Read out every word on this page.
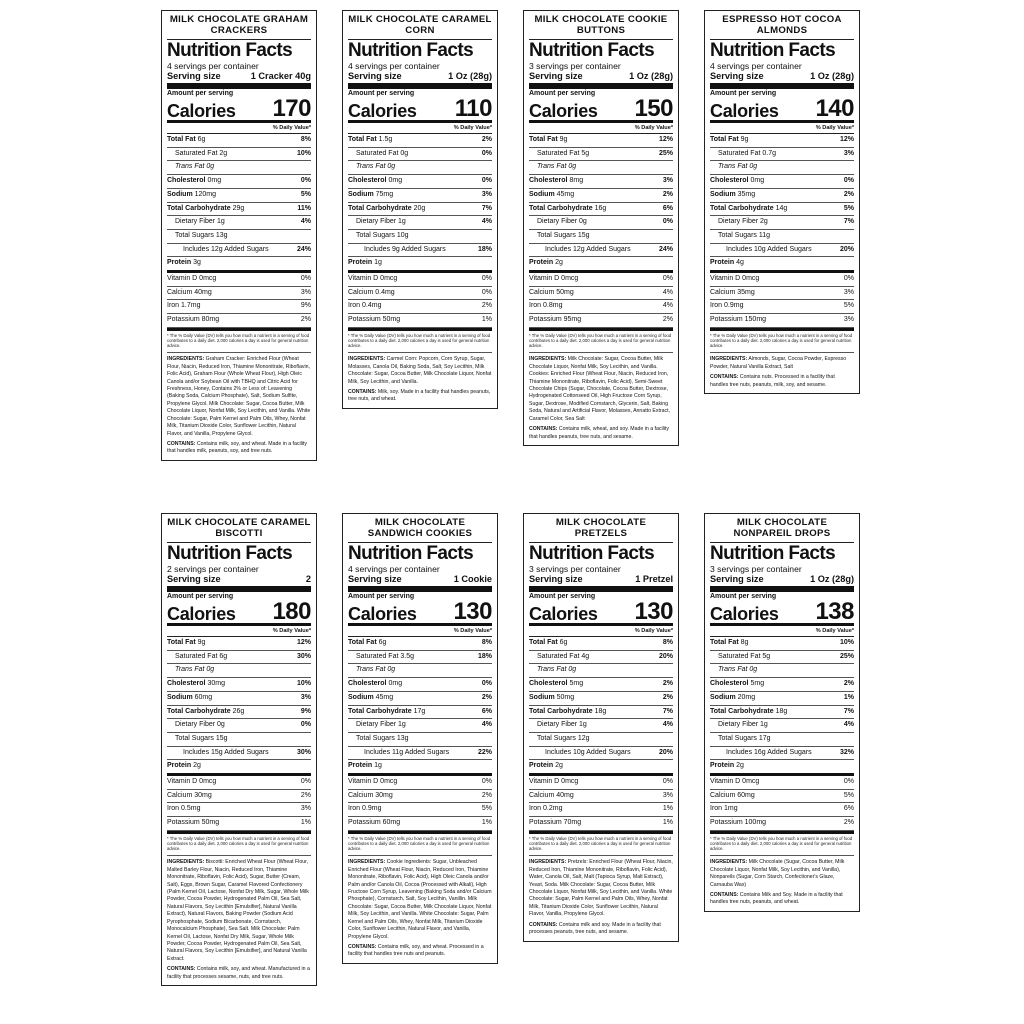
MILK CHOCOLATE GRAHAM CRACKERS
Nutrition Facts
4 servings per container
Serving size	1 Cracker 40g
Amount per serving
Calories 170
% Daily Value*
Total Fat 6g	8%
Saturated Fat 2g	10%
Trans Fat 0g
Cholesterol 0mg	0%
Sodium 120mg	5%
Total Carbohydrate 29g	11%
Dietary Fiber 1g	4%
Total Sugars 13g
Includes 12g Added Sugars	24%
Protein 3g
Vitamin D 0mcg	0%
Calcium 40mg	3%
Iron 1.7mg	9%
Potassium 80mg	2%
* The % Daily Value (DV) tells you how much a nutrient in a serving of food contributes to a daily diet. 2,000 calories a day is used for general nutrition advice.
INGREDIENTS: Graham Cracker: Enriched Flour (Wheat Flour, Niacin, Reduced Iron, Thiamine Mononitrate, Riboflavin, Folic Acid), Graham Flour (Whole Wheat Flour), High Oleic Canola and/or Soybean Oil with TBHQ and Citric Acid for Freshness, Honey, Contains 2% or Less of: Leavening (Baking Soda, Calcium Phosphate), Salt, Sodium Sulfite, Propylene Glycol. Milk Chocolate: Sugar, Cocoa Butter, Milk Chocolate Liquor, Nonfat Milk, Soy Lecithin, and Vanilla. White Chocolate: Sugar, Palm Kernel and Palm Oils, Whey, Nonfat Milk, Titanium Dioxide Color, Sunflower Lecithin, Natural Flavor, and Vanilla, Propylene Glycol.
CONTAINS: Contains milk, soy, and wheat. Made in a facility that handles milk, peanuts, soy, and tree nuts.
MILK CHOCOLATE CARAMEL CORN
Nutrition Facts
4 servings per container
Serving size	1 Oz (28g)
Amount per serving
Calories 110
% Daily Value*
Total Fat 1.5g	2%
Saturated Fat 0g	0%
Trans Fat 0g
Cholesterol 0mg	0%
Sodium 75mg	3%
Total Carbohydrate 20g	7%
Dietary Fiber 1g	4%
Total Sugars 10g
Includes 9g Added Sugars	18%
Protein 1g
Vitamin D 0mcg	0%
Calcium 0.4mg	0%
Iron 0.4mg	2%
Potassium 50mg	1%
* The % Daily Value (DV) tells you how much a nutrient in a serving of food contributes to a daily diet. 2,000 calories a day is used for general nutrition advice.
INGREDIENTS: Carmel Corn: Popcorn, Corn Syrup, Sugar, Molasses, Canola Oil, Baking Soda, Salt, Soy Lecithin, Milk Chocolate: Sugar, Cocoa Butter, Milk Chocolate Liquor, Nonfat Milk, Soy Lecithin, and Vanilla.
CONTAINS: Milk, soy. Made in a facility that handles peanuts, tree nuts, and wheat.
MILK CHOCOLATE COOKIE BUTTONS
Nutrition Facts
3 servings per container
Serving size	1 Oz (28g)
Amount per serving
Calories 150
% Daily Value*
Total Fat 9g	12%
Saturated Fat 5g	25%
Trans Fat 0g
Cholesterol 8mg	3%
Sodium 45mg	2%
Total Carbohydrate 16g	6%
Dietary Fiber 0g	0%
Total Sugars 15g
Includes 12g Added Sugars	24%
Protein 2g
Vitamin D 0mcg	0%
Calcium 50mg	4%
Iron 0.8mg	4%
Potassium 95mg	2%
* The % Daily Value (DV) tells you how much a nutrient in a serving of food contributes to a daily diet. 2,000 calories a day is used for general nutrition advice.
INGREDIENTS: Milk Chocolate: Sugar, Cocoa Butter, Milk Chocolate Liquor, Nonfat Milk, Soy Lecithin, and Vanilla. Cookies: Enriched Flour (Wheat Flour, Niacin, Reduced Iron, Thiamine Mononitrate, Riboflavin, Folic Acid), Semi-Sweet Chocolate Chips (Sugar, Chocolate, Cocoa Butter, Dextrose, Hydrogenated Cottonseed Oil, High Fructose Corn Syrup, Sugar, Dextrose, Modified Cornstarch, Glycerin, Salt, Baking Soda, Natural and Artificial Flavor, Molasses, Annatto Extract, Caramel Color, Sea Salt
CONTAINS: Contains milk, wheat, and soy. Made in a facility that handles peanuts, tree nuts, and sesame.
ESPRESSO HOT COCOA ALMONDS
Nutrition Facts
4 servings per container
Serving size	1 Oz (28g)
Amount per serving
Calories 140
% Daily Value*
Total Fat 9g	12%
Saturated Fat 0.7g	3%
Trans Fat 0g
Cholesterol 0mg	0%
Sodium 35mg	2%
Total Carbohydrate 14g	5%
Dietary Fiber 2g	7%
Total Sugars 11g
Includes 10g Added Sugars	20%
Protein 4g
Vitamin D 0mcg	0%
Calcium 35mg	3%
Iron 0.9mg	5%
Potassium 150mg	3%
* The % Daily Value (DV) tells you how much a nutrient in a serving of food contributes to a daily diet. 2,000 calories a day is used for general nutrition advice.
INGREDIENTS: Almonds, Sugar, Cocoa Powder, Espresso Powder, Natural Vanilla Extract, Salt
CONTAINS: Contains nuts. Processed in a facility that handles tree nuts, peanuts, milk, soy, and sesame.
MILK CHOCOLATE CARAMEL BISCOTTI
Nutrition Facts
2 servings per container
Serving size	2
Amount per serving
Calories 180
% Daily Value*
Total Fat 9g	12%
Saturated Fat 6g	30%
Trans Fat 0g
Cholesterol 30mg	10%
Sodium 60mg	3%
Total Carbohydrate 26g	9%
Dietary Fiber 0g	0%
Total Sugars 15g
Includes 15g Added Sugars	30%
Protein 2g
Vitamin D 0mcg	0%
Calcium 30mg	2%
Iron 0.5mg	3%
Potassium 50mg	1%
* The % Daily Value (DV) tells you how much a nutrient in a serving of food contributes to a daily diet. 2,000 calories a day is used for general nutrition advice.
INGREDIENTS: Biscotti: Enriched Wheat Flour (Wheat Flour, Malted Barley Flour, Niacin, Reduced Iron, Thiamine Mononitrate, Riboflavin, Folic Acid), Sugar, Butter (Cream, Salt), Eggs, Brown Sugar, Caramel Flavored Confectionery (Palm Kernel Oil, Lactose, Nonfat Dry Milk, Sugar, Whole Milk Powder, Cocoa Powder, Hydrogenated Palm Oil, Sea Salt, Natural Flavors, Soy Lecithin [Emulsifier], Natural Vanilla Extract), Natural Flavors, Baking Powder (Sodium Acid Pyrophosphate, Sodium Bicarbonate, Cornstarch, Monocalcium Phosphate), Sea Salt. Milk Chocolate: Palm Kernel Oil, Lactose, Nonfat Dry Milk, Sugar, Whole Milk Powder, Cocoa Powder, Hydrogenated Palm Oil, Sea Salt, Natural Flavors, Soy Lecithin [Emulsifier], and Natural Vanilla Extract.
CONTAINS: Contains milk, soy, and wheat. Manufactured in a facility that processes sesame, nuts, and tree nuts.
MILK CHOCOLATE SANDWICH COOKIES
Nutrition Facts
4 servings per container
Serving size	1 Cookie
Amount per serving
Calories 130
% Daily Value*
Total Fat 6g	8%
Saturated Fat 3.5g	18%
Trans Fat 0g
Cholesterol 0mg	0%
Sodium 45mg	2%
Total Carbohydrate 17g	6%
Dietary Fiber 1g	4%
Total Sugars 13g
Includes 11g Added Sugars	22%
Protein 1g
Vitamin D 0mcg	0%
Calcium 30mg	2%
Iron 0.9mg	5%
Potassium 60mg	1%
* The % Daily Value (DV) tells you how much a nutrient in a serving of food contributes to a daily diet. 2,000 calories a day is used for general nutrition advice.
INGREDIENTS: Cookie Ingredients: Sugar, Unbleached Enriched Flour (Wheat Flour, Niacin, Reduced Iron, Thiamine Mononitrate, Riboflavin, Folic Acid), High Oleic Canola and/or Palm and/or Canola Oil, Cocoa (Processed with Alkali), High Fructose Corn Syrup, Leavening (Baking Soda and/or Calcium Phosphate), Cornstarch, Salt, Soy Lecithin, Vanillin. Milk Chocolate: Sugar, Cocoa Butter, Milk Chocolate Liquor, Nonfat Milk, Soy Lecithin, and Vanilla. White Chocolate: Sugar, Palm Kernel and Palm Oils, Whey, Nonfat Milk, Titanium Dioxide Color, Sunflower Lecithin, Natural Flavor, and Vanilla, Propylene Glycol.
CONTAINS: Contains milk, soy, and wheat. Processed in a facility that handles tree nuts and peanuts.
MILK CHOCOLATE PRETZELS
Nutrition Facts
3 servings per container
Serving size	1 Pretzel
Amount per serving
Calories 130
% Daily Value*
Total Fat 6g	8%
Saturated Fat 4g	20%
Trans Fat 0g
Cholesterol 5mg	2%
Sodium 50mg	2%
Total Carbohydrate 18g	7%
Dietary Fiber 1g	4%
Total Sugars 12g
Includes 10g Added Sugars	20%
Protein 2g
Vitamin D 0mcg	0%
Calcium 40mg	3%
Iron 0.2mg	1%
Potassium 70mg	1%
* The % Daily Value (DV) tells you how much a nutrient in a serving of food contributes to a daily diet. 2,000 calories a day is used for general nutrition advice.
INGREDIENTS: Pretzels: Enriched Flour (Wheat Flour, Niacin, Reduced Iron, Thiamine Mononitrate, Riboflavin, Folic Acid), Water, Canola Oil, Salt, Malt (Tapioca Syrup, Malt Extract), Yeast, Soda. Milk Chocolate: Sugar, Cocoa Butter, Milk Chocolate Liquor, Nonfat Milk, Soy Lecithin, and Vanilla. White Chocolate: Sugar, Palm Kernel and Palm Oils, Whey, Nonfat Milk, Titanium Dioxide Color, Sunflower Lecithin, Natural Flavor, Vanilla, Propylene Glycol.
CONTAINS: Contains milk and soy. Made in a facility that processes peanuts, tree nuts, and sesame.
MILK CHOCOLATE NONPAREIL DROPS
Nutrition Facts
3 servings per container
Serving size	1 Oz (28g)
Amount per serving
Calories 138
% Daily Value*
Total Fat 8g	10%
Saturated Fat 5g	25%
Trans Fat 0g
Cholesterol 5mg	2%
Sodium 20mg	1%
Total Carbohydrate 18g	7%
Dietary Fiber 1g	4%
Total Sugars 17g
Includes 16g Added Sugars	32%
Protein 2g
Vitamin D 0mcg	0%
Calcium 60mg	5%
Iron 1mg	6%
Potassium 100mg	2%
* The % Daily Value (DV) tells you how much a nutrient in a serving of food contributes to a daily diet. 2,000 calories a day is used for general nutrition advice.
INGREDIENTS: Milk Chocolate (Sugar, Cocoa Butter, Milk Chocolate Liquor, Nonfat Milk, Soy Lecithin, and Vanilla), Nonpareils (Sugar, Corn Starch, Confectioner's Glaze, Carnauba Wax)
CONTAINS: Contains Milk and Soy. Made in a facility that handles tree nuts, peanuts, and wheat.
